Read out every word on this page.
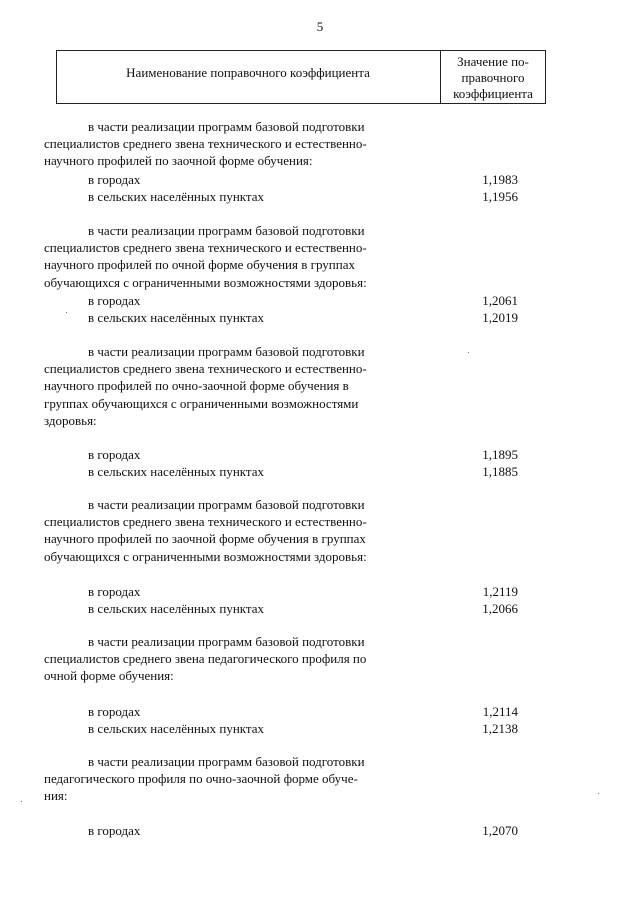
5
Наименование поправочного коэффициента
Значение по-
правочного
коэффициента
в части реализации программ базовой подготовки
специалистов среднего звена технического и естественно-
научного профилей по заочной форме обучения:
в городах	1,1983
в сельских населённых пунктах	1,1956
в части реализации программ базовой подготовки
специалистов среднего звена технического и естественно-
научного профилей по очной форме обучения в группах
обучающихся с ограниченными возможностями здоровья:
в городах	1,2061
в сельских населённых пунктах	1,2019
в части реализации программ базовой подготовки
специалистов среднего звена технического и естественно-
научного профилей по очно-заочной форме обучения в
группах обучающихся с ограниченными возможностями
здоровья:
в городах	1,1895
в сельских населённых пунктах	1,1885
в части реализации программ базовой подготовки
специалистов среднего звена технического и естественно-
научного профилей по заочной форме обучения в группах
обучающихся с ограниченными возможностями здоровья:
в городах	1,2119
в сельских населённых пунктах	1,2066
в части реализации программ базовой подготовки
специалистов среднего звена педагогического профиля по
очной форме обучения:
в городах	1,2114
в сельских населённых пунктах	1,2138
в части реализации программ базовой подготовки
педагогического профиля по очно-заочной форме обуче-
ния:
в городах	1,2070
